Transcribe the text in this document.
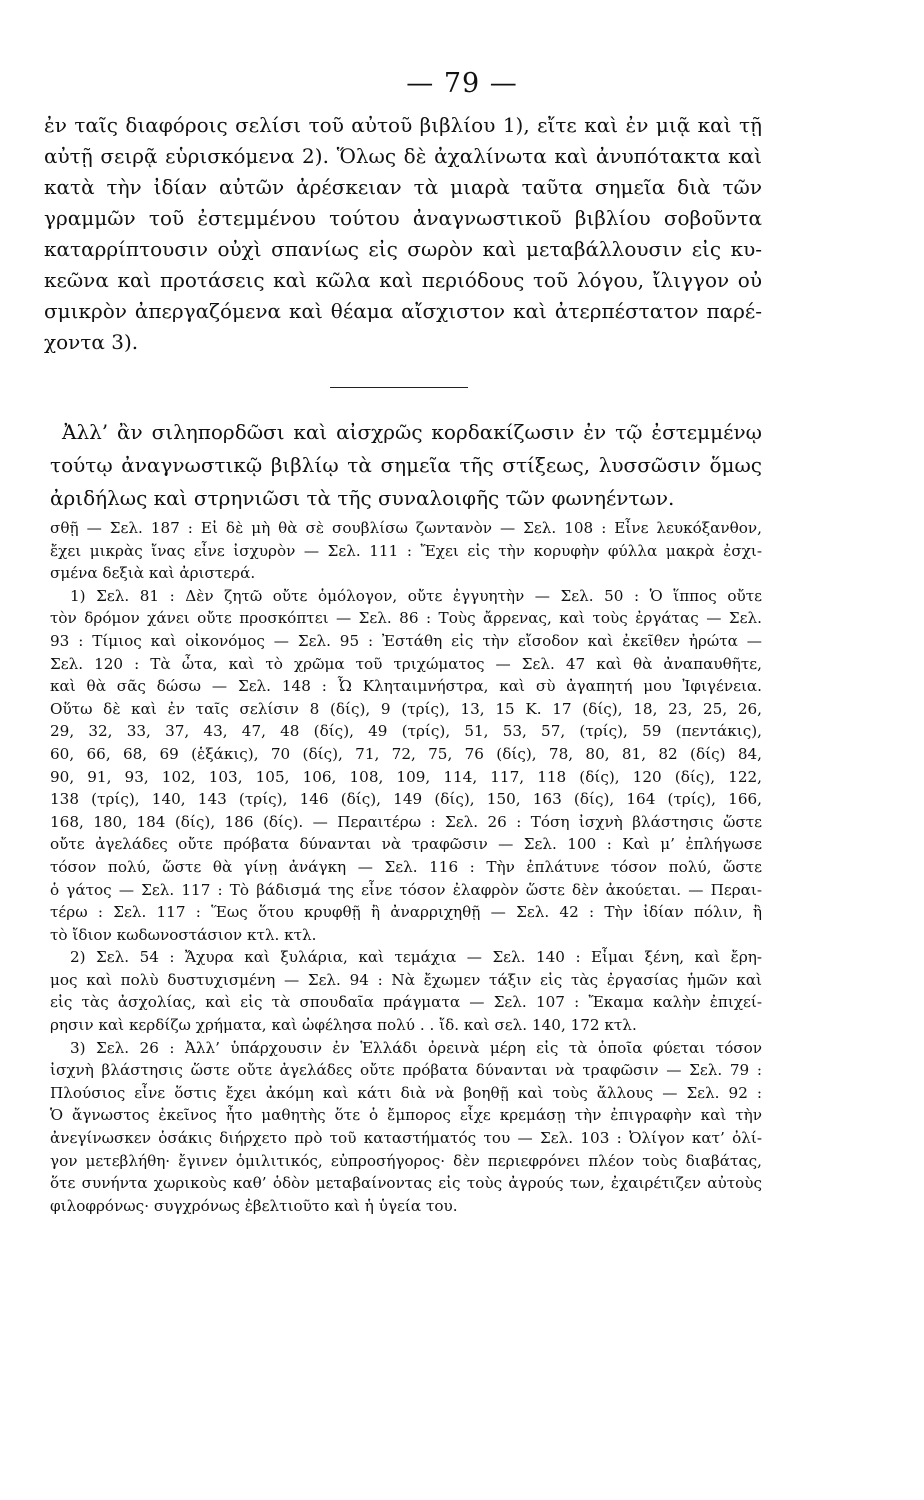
— 79 —
ἐν ταῖς διαφόροις σελίσι τοῦ αὐτοῦ βιβλίου 1), εἴτε καὶ ἐν μιᾷ καὶ τῇ
αὐτῇ σειρᾷ εὑρισκόμενα 2). Ὅλως δὲ ἀχαλίνωτα καὶ ἀνυπότακτα καὶ
κατὰ τὴν ἰδίαν αὐτῶν ἀρέσκειαν τὰ μιαρὰ ταῦτα σημεῖα διὰ τῶν
γραμμῶν τοῦ ἐστεμμένου τούτου ἀναγνωστικοῦ βιβλίου σοβοῦντα
καταρρίπτουσιν οὐχὶ σπανίως εἰς σωρὸν καὶ μεταβάλλουσιν εἰς κυ-
κεῶνα καὶ προτάσεις καὶ κῶλα καὶ περιόδους τοῦ λόγου, ἴλιγγον οὐ
σμικρὸν ἀπεργαζόμενα καὶ θέαμα αἴσχιστον καὶ ἀτερπέστατον παρέ-
χοντα 3).
Ἀλλ’ ἂν σιληπορδῶσι καὶ αἰσχρῶς κορδακίζωσιν ἐν τῷ ἐστεμμένῳ
τούτῳ ἀναγνωστικῷ βιβλίῳ τὰ σημεῖα τῆς στίξεως, λυσσῶσιν ὅμως
ἀριδήλως καὶ στρηνιῶσι τὰ τῆς συναλοιφῆς τῶν φωνηέντων.
σθῇ — Σελ. 187 : Εἰ δὲ μὴ θὰ σὲ σουβλίσω ζωντανὸν — Σελ. 108 : Εἶνε λευκόξανθον,
ἔχει μικρὰς ἴνας εἶνε ἰσχυρὸν — Σελ. 111 : Ἔχει εἰς τὴν κορυφὴν φύλλα μακρὰ ἐσχι-
σμένα δεξιὰ καὶ ἀριστερά.
1) Σελ. 81 : Δὲν ζητῶ οὔτε ὁμόλογον, οὔτε ἐγγυητὴν — Σελ. 50 : Ὁ ἵππος οὔτε
τὸν δρόμον χάνει οὔτε προσκόπτει — Σελ. 86 : Τοὺς ἄρρενας, καὶ τοὺς ἐργάτας — Σελ.
93 : Τίμιος καὶ οἰκονόμος — Σελ. 95 : Ἐστάθη εἰς τὴν εἴσοδον καὶ ἐκεῖθεν ἠρώτα —
Σελ. 120 : Τὰ ὦτα, καὶ τὸ χρῶμα τοῦ τριχώματος — Σελ. 47 καὶ θὰ ἀναπαυθῆτε,
καὶ θὰ σᾶς δώσω — Σελ. 148 : Ὦ Κληταιμνήστρα, καὶ σὺ ἀγαπητή μου Ἰφιγένεια.
Οὕτω δὲ καὶ ἐν ταῖς σελίσιν 8 (δίς), 9 (τρίς), 13, 15 Κ. 17 (δίς), 18, 23, 25, 26,
29, 32, 33, 37, 43, 47, 48 (δίς), 49 (τρίς), 51, 53, 57, (τρίς), 59 (πεντάκις),
60, 66, 68, 69 (ἑξάκις), 70 (δίς), 71, 72, 75, 76 (δίς), 78, 80, 81, 82 (δίς) 84,
90, 91, 93, 102, 103, 105, 106, 108, 109, 114, 117, 118 (δίς), 120 (δίς), 122,
138 (τρίς), 140, 143 (τρίς), 146 (δίς), 149 (δίς), 150, 163 (δίς), 164 (τρίς), 166,
168, 180, 184 (δίς), 186 (δίς). — Περαιτέρω : Σελ. 26 : Τόση ἰσχνὴ βλάστησις ὥστε
οὔτε ἀγελάδες οὔτε πρόβατα δύνανται νὰ τραφῶσιν — Σελ. 100 : Καὶ μ’ ἐπλήγωσε
τόσον πολύ, ὥστε θὰ γίνῃ ἀνάγκη — Σελ. 116 : Τὴν ἐπλάτυνε τόσον πολύ, ὥστε
ὁ γάτος — Σελ. 117 : Τὸ βάδισμά της εἶνε τόσον ἐλαφρὸν ὥστε δὲν ἀκούεται. — Περαι-
τέρω : Σελ. 117 : Ἕως ὅτου κρυφθῇ ἢ ἀναρριχηθῇ — Σελ. 42 : Τὴν ἰδίαν πόλιν, ἢ
τὸ ἴδιον κωδωνοστάσιον κτλ. κτλ.
2) Σελ. 54 : Ἄχυρα καὶ ξυλάρια, καὶ τεμάχια — Σελ. 140 : Εἶμαι ξένη, καὶ ἔρη-
μος καὶ πολὺ δυστυχισμένη — Σελ. 94 : Νὰ ἔχωμεν τάξιν εἰς τὰς ἐργασίας ἡμῶν καὶ
εἰς τὰς ἀσχολίας, καὶ εἰς τὰ σπουδαῖα πράγματα — Σελ. 107 : Ἔκαμα καλὴν ἐπιχεί-
ρησιν καὶ κερδίζω χρήματα, καὶ ὠφέλησα πολύ . . ἴδ. καὶ σελ. 140, 172 κτλ.
3) Σελ. 26 : Ἀλλ’ ὑπάρχουσιν ἐν Ἑλλάδι ὀρεινὰ μέρη εἰς τὰ ὁποῖα φύεται τόσον
ἰσχνὴ βλάστησις ὥστε οὔτε ἀγελάδες οὔτε πρόβατα δύνανται νὰ τραφῶσιν — Σελ. 79 :
Πλούσιος εἶνε ὅστις ἔχει ἀκόμη καὶ κάτι διὰ νὰ βοηθῇ καὶ τοὺς ἄλλους — Σελ. 92 :
Ὁ ἄγνωστος ἐκεῖνος ἦτο μαθητὴς ὅτε ὁ ἔμπορος εἶχε κρεμάσῃ τὴν ἐπιγραφὴν καὶ τὴν
ἀνεγίνωσκεν ὁσάκις διήρχετο πρὸ τοῦ καταστήματός του — Σελ. 103 : Ὀλίγον κατ’ ὀλί-
γον μετεβλήθη· ἔγινεν ὁμιλιτικός, εὐπροσήγορος· δὲν περιεφρόνει πλέον τοὺς διαβάτας,
ὅτε συνήντα χωρικοὺς καθ’ ὁδὸν μεταβαίνοντας εἰς τοὺς ἀγρούς των, ἐχαιρέτιζεν αὐτοὺς
φιλοφρόνως· συγχρόνως ἐβελτιοῦτο καὶ ἡ ὑγεία του.
